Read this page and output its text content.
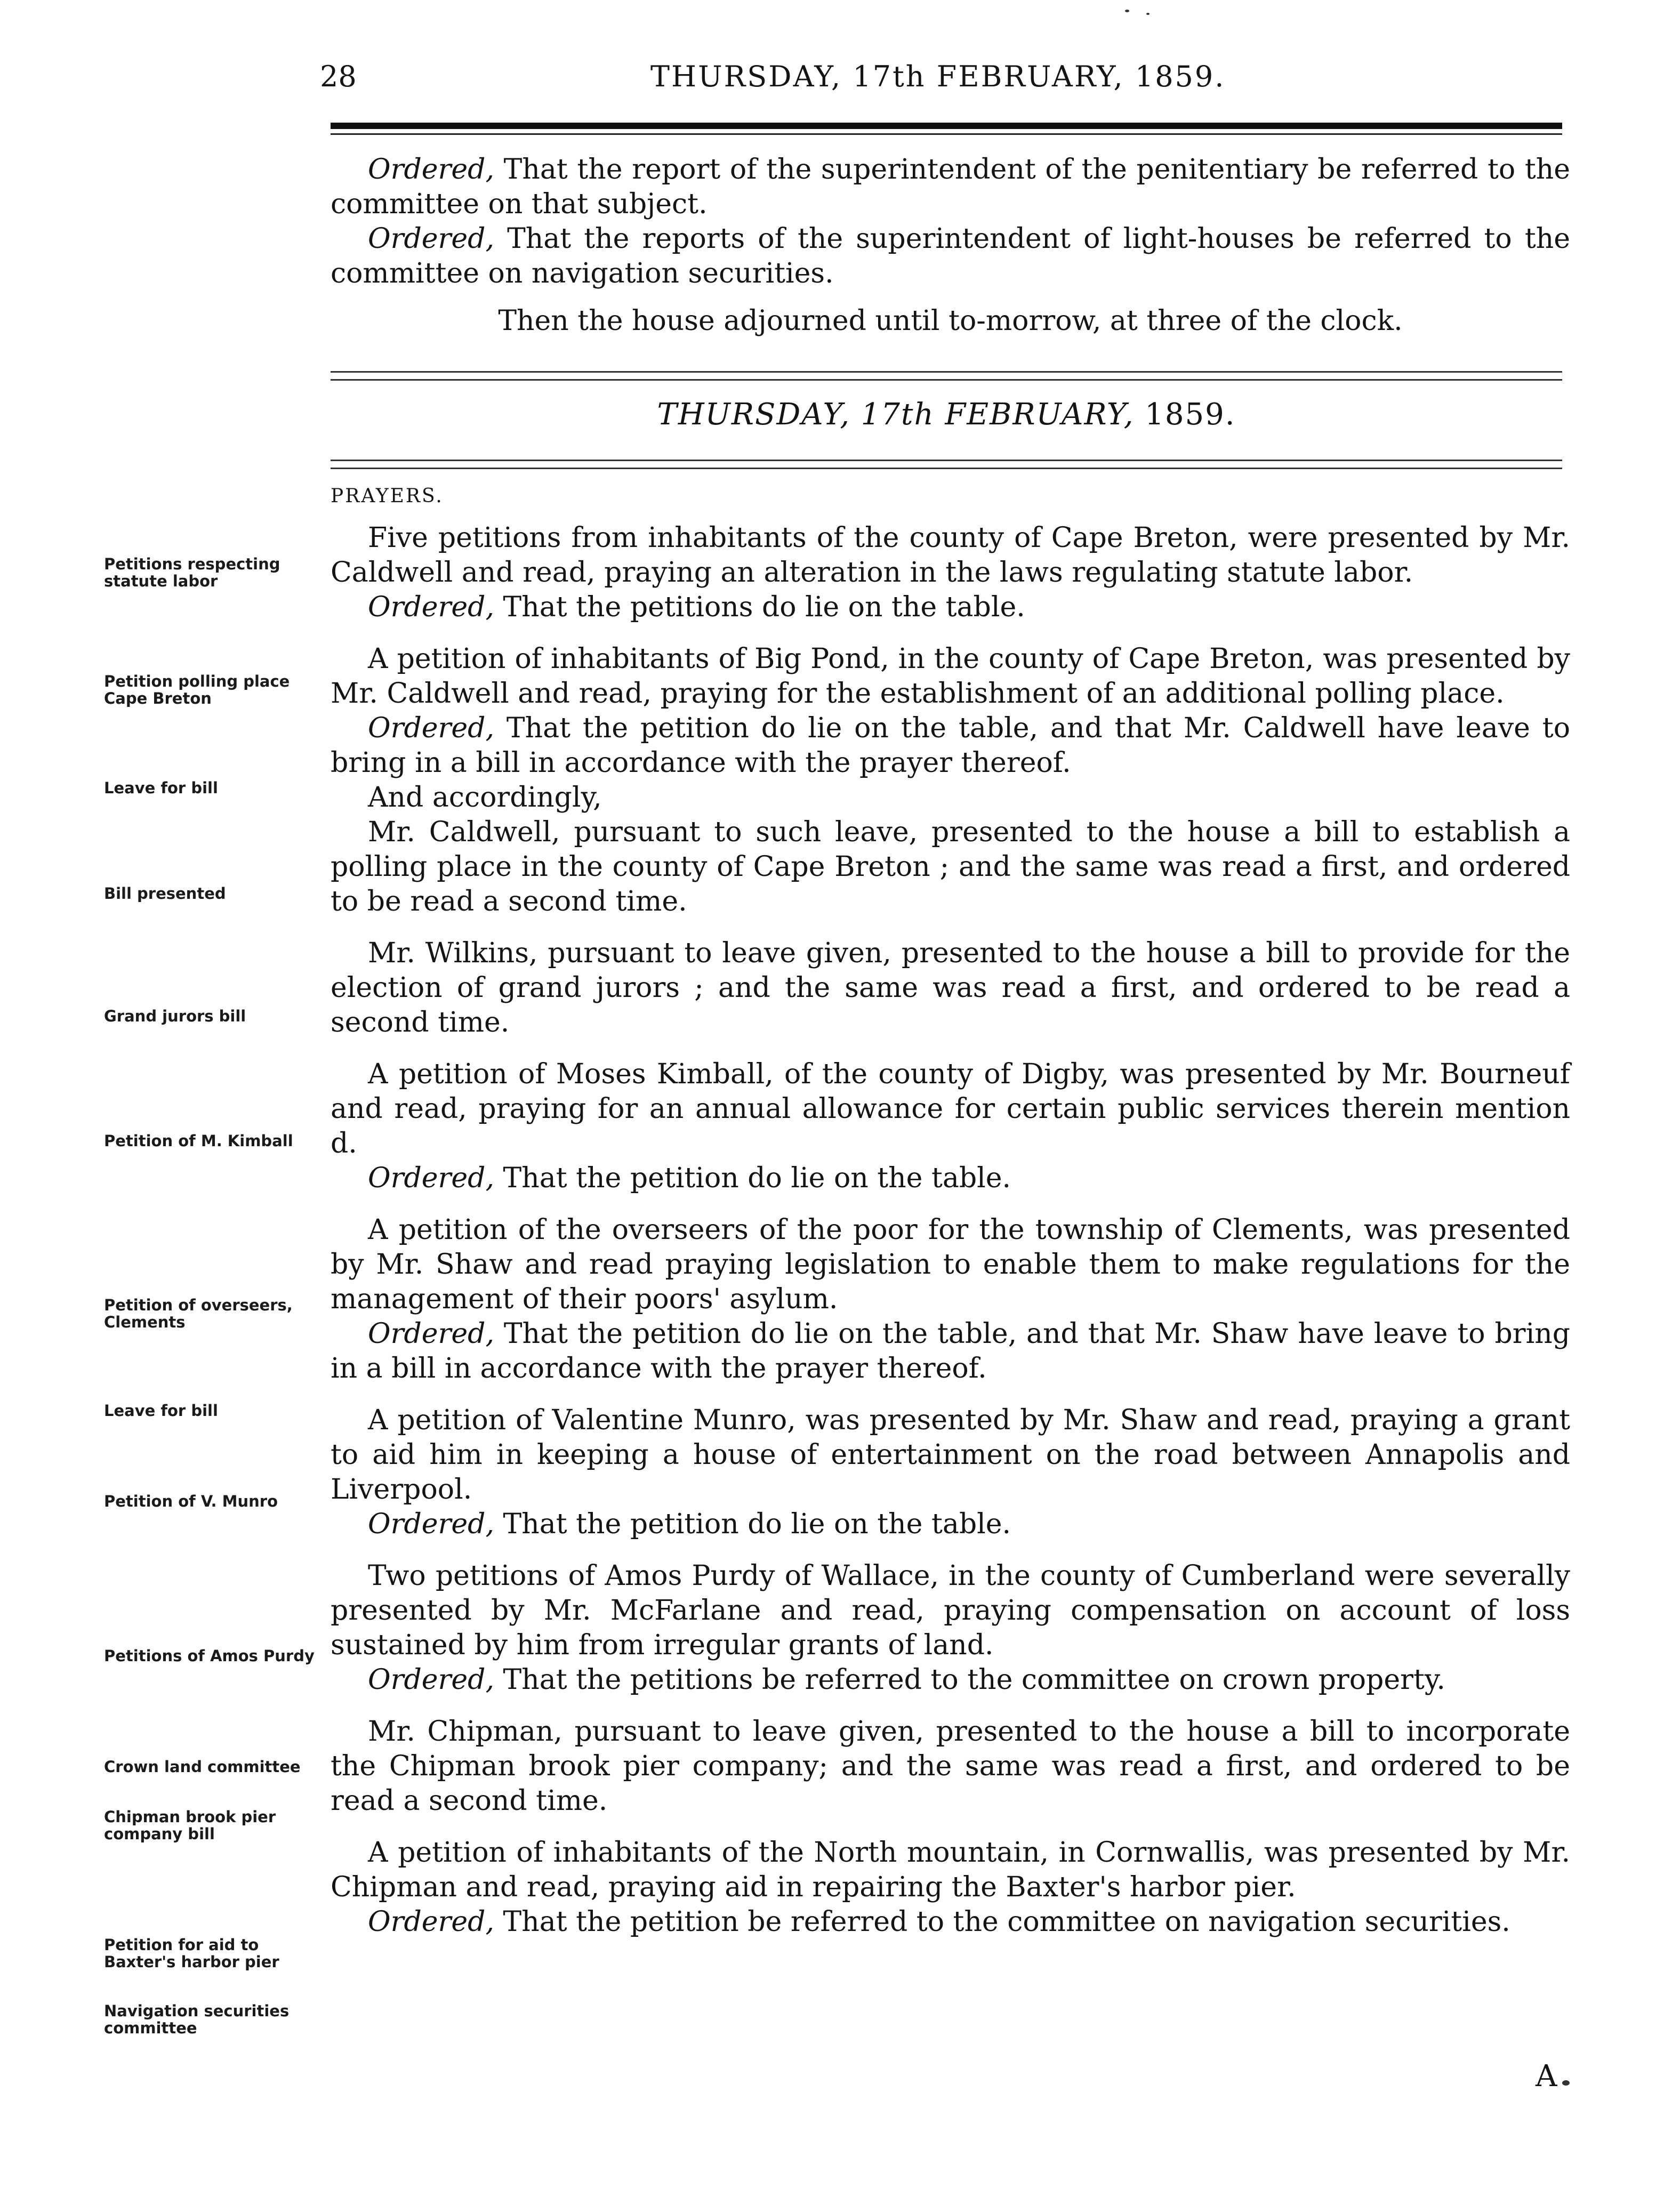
28	THURSDAY, 17th FEBRUARY, 1859.

Ordered, That the report of the superintendent of the penitentiary be referred to the committee on that subject.

Ordered, That the reports of the superintendent of light-houses be referred to the committee on navigation securities.

Then the house adjourned until to-morrow, at three of the clock.

THURSDAY, 17th FEBRUARY, 1859.
Petitions respecting statute labor
Petition polling place Cape Breton
Leave for bill
Bill presented
Grand jurors bill
Petition of M. Kimball
Petition of overseers, Clements
Leave for bill
Petition of V. Munro
Petitions of Amos Purdy
Crown land committee
Chipman brook pier company bill
Petition for aid to Baxter's harbor pier
Navigation securities committee

PRAYERS.

Five petitions from inhabitants of the county of Cape Breton, were presented by Mr. Caldwell and read, praying an alteration in the laws regulating statute labor.

Ordered, That the petitions do lie on the table.

A petition of inhabitants of Big Pond, in the county of Cape Breton, was presented by Mr. Caldwell and read, praying for the establishment of an additional polling place.

Ordered, That the petition do lie on the table, and that Mr. Caldwell have leave to bring in a bill in accordance with the prayer thereof.

And accordingly,

Mr. Caldwell, pursuant to such leave, presented to the house a bill to establish a polling place in the county of Cape Breton ; and the same was read a first, and ordered to be read a second time.

Mr. Wilkins, pursuant to leave given, presented to the house a bill to provide for the election of grand jurors ; and the same was read a first, and ordered to be read a second time.

A petition of Moses Kimball, of the county of Digby, was presented by Mr. Bourneuf and read, praying for an annual allowance for certain public services therein mention d.

Ordered, That the petition do lie on the table.

A petition of the overseers of the poor for the township of Clements, was presented by Mr. Shaw and read praying legislation to enable them to make regulations for the management of their poors' asylum.

Ordered, That the petition do lie on the table, and that Mr. Shaw have leave to bring in a bill in accordance with the prayer thereof.

A petition of Valentine Munro, was presented by Mr. Shaw and read, praying a grant to aid him in keeping a house of entertainment on the road between Annapolis and Liverpool.

Ordered, That the petition do lie on the table.

Two petitions of Amos Purdy of Wallace, in the county of Cumberland were severally presented by Mr. McFarlane and read, praying compensation on account of loss sustained by him from irregular grants of land.

Ordered, That the petitions be referred to the committee on crown property.

Mr. Chipman, pursuant to leave given, presented to the house a bill to incorporate the Chipman brook pier company; and the same was read a first, and ordered to be read a second time.

A petition of inhabitants of the North mountain, in Cornwallis, was presented by Mr. Chipman and read, praying aid in repairing the Baxter's harbor pier.

Ordered, That the petition be referred to the committee on navigation securities.

A
